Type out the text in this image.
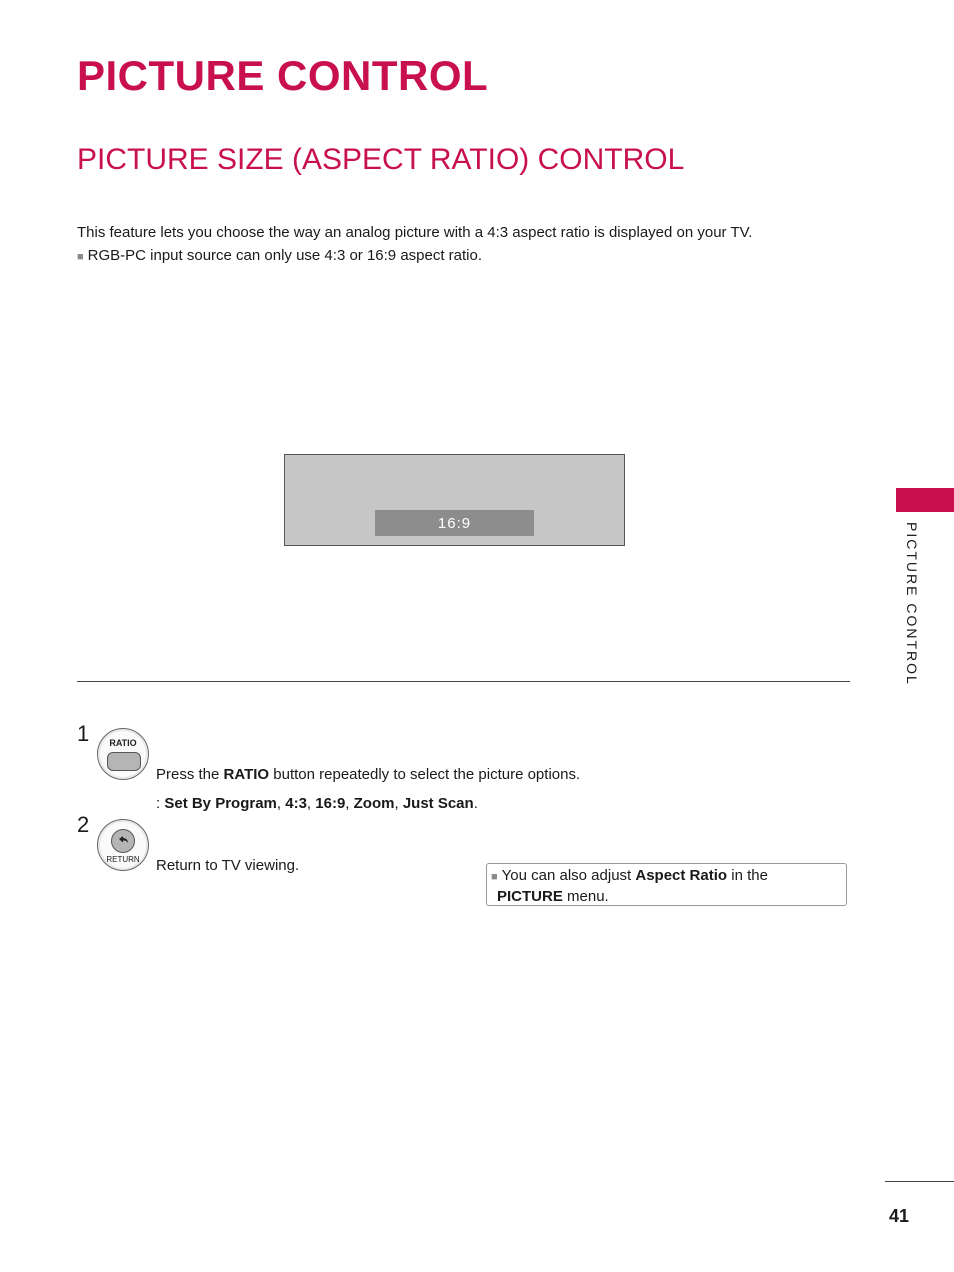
PICTURE CONTROL
PICTURE SIZE (ASPECT RATIO) CONTROL
This feature lets you choose the way an analog picture with a 4:3 aspect ratio is displayed on your TV.
■ RGB-PC input source can only use 4:3 or 16:9 aspect ratio.
16:9	PICTURE CONTROL
1	RATIO
Press the RATIO button repeatedly to select the picture options.
: Set By Program, 4:3, 16:9, Zoom, Just Scan.
2
RETURN	Return to TV viewing.
■ You can also adjust Aspect Ratio in the
PICTURE menu.
41
